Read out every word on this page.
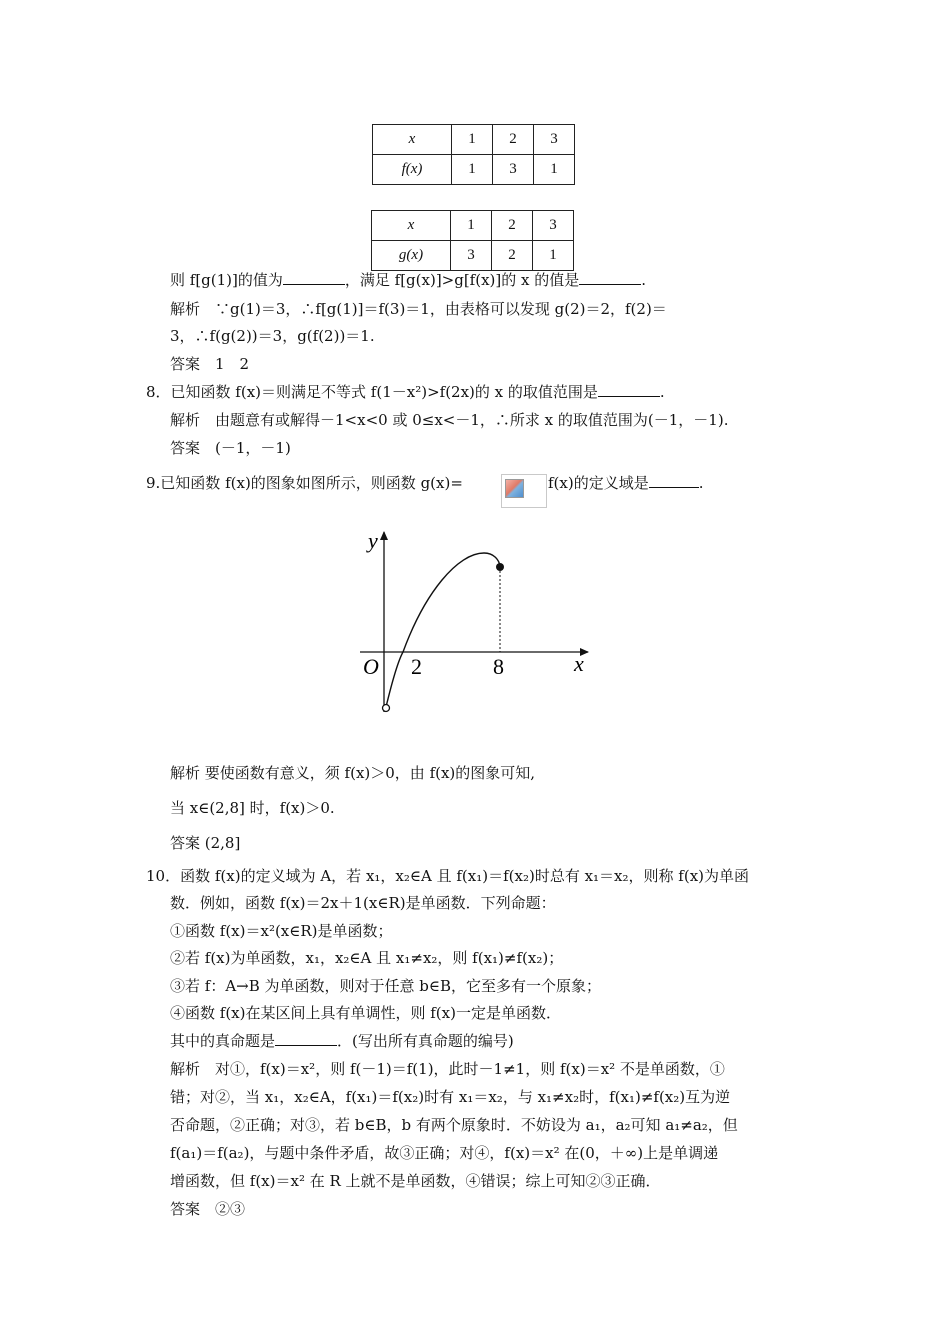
x	1	2	3
f(x)	1	3	1
x	1	2	3
g(x)	3	2	1
则 f[g(1)]的值为	，满足 f[g(x)]>g[f(x)]的 x 的值是	.
解析　∵g(1)＝3，∴f[g(1)]＝f(3)＝1，由表格可以发现 g(2)＝2，f(2)＝
3，∴f(g(2))＝3，g(f(2))＝1.
答案　1　2
8．已知函数 f(x)＝则满足不等式 f(1－x²)>f(2x)的 x 的取值范围是	.
解析　由题意有或解得－1<x<0 或 0≤x<－1，∴所求 x 的取值范围为(－1，－1).
答案　(－1，－1)
9.已知函数 f(x)的图象如图所示，则函数 g(x)=	f(x)的定义域是	.
y
x
O 2	8
解析 要使函数有意义，须 f(x)＞0，由 f(x)的图象可知,
当 x∈(2,8] 时，f(x)＞0.
答案 (2,8]
10．函数 f(x)的定义域为 A，若 x₁，x₂∈A 且 f(x₁)＝f(x₂)时总有 x₁＝x₂，则称 f(x)为单函
数．例如，函数 f(x)＝2x＋1(x∈R)是单函数．下列命题：
①函数 f(x)＝x²(x∈R)是单函数；
②若 f(x)为单函数，x₁，x₂∈A 且 x₁≠x₂，则 f(x₁)≠f(x₂)；
③若 f：A→B 为单函数，则对于任意 b∈B，它至多有一个原象；
④函数 f(x)在某区间上具有单调性，则 f(x)一定是单函数．
其中的真命题是	．(写出所有真命题的编号)
解析　对①，f(x)＝x²，则 f(－1)＝f(1)，此时－1≠1，则 f(x)＝x² 不是单函数，①
错；对②，当 x₁，x₂∈A，f(x₁)＝f(x₂)时有 x₁＝x₂，与 x₁≠x₂时，f(x₁)≠f(x₂)互为逆
否命题，②正确；对③，若 b∈B，b 有两个原象时．不妨设为 a₁，a₂可知 a₁≠a₂，但
f(a₁)＝f(a₂)，与题中条件矛盾，故③正确；对④，f(x)＝x² 在(0，＋∞)上是单调递
增函数，但 f(x)＝x² 在 R 上就不是单函数，④错误；综上可知②③正确．
答案　②③
